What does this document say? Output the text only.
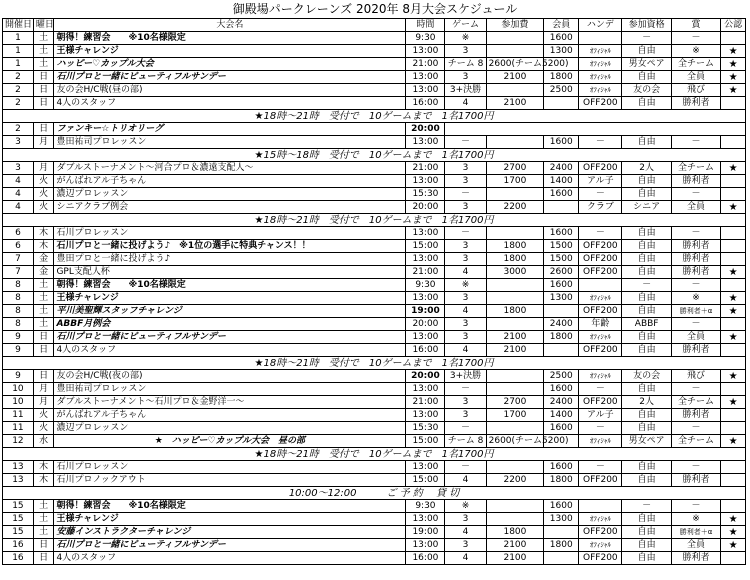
御殿場パークレーンズ 2020年 8月大会スケジュール
開催日	曜日	大会名	時間	ゲーム	参加費	会員	ハンデ	参加資格	賞	公認
1	土	朝得！練習会　　※10名様限定	9:30	※		1600		－	－	
1	土	王様チャレンジ	13:00	3		1300	ｵﾌｨｼｬﾙ	自由	※	★
1	土	ハッピー♡カップル大会	21:00	チーム 8	2600(チーム5200)		ｵﾌｨｼｬﾙ	男女ペア	全チーム	★
2	日	石川プロと一緒にビューティフルサンデー	13:00	3	2100	1800	ｵﾌｨｼｬﾙ	自由	全員	★
2	日	友の会H/C戦(昼の部)	13:00	3+決勝		2500	ｵﾌｨｼｬﾙ	友の会	飛び	★
2	日	4人のスタッフ	16:00	4	2100		OFF200	自由	勝利者	
★18時～21時　受付で　10ゲームまで　1名1700円										
2	日	ファンキー☆トリオリーグ	20:00							
3	月	豊田祐司プロレッスン	13:00	－		1600	－	自由	－	
★15時～18時　受付で　10ゲームまで　1名1700円										
3	月	ダブルストーナメント～河合プロ＆濃遠支配人～	21:00	3	2700	2400	OFF200	2人	全チーム	★
4	火	がんばれアル子ちゃん	13:00	3	1700	1400	アル子	自由	勝利者	
4	火	濃辺プロレッスン	15:30	－		1600	－	自由	－	
4	火	シニアクラブ例会	20:00	3	2200		クラブ	シニア	全員	★
★18時～21時　受付で　10ゲームまで　1名1700円										
6	木	石川プロレッスン	13:00	－		1600	－	自由	－	
6	木	石川プロと一緒に投げよう♪　※1位の選手に特典チャンス！！	15:00	3	1800	1500	OFF200	自由	勝利者	
7	金	豊田プロと一緒に投げよう♪	13:00	3	1800	1500	OFF200	自由	勝利者	
7	金	GPL支配人杯	21:00	4	3000	2600	OFF200	自由	勝利者	★
8	土	朝得！練習会　　※10名様限定	9:30	※		1600		－	－	
8	土	王様チャレンジ	13:00	3		1300	ｵﾌｨｼｬﾙ	自由	※	★
8	土	平川美聖輝スタッフチャレンジ	19:00	4	1800		OFF200	自由	勝利者＋α	★
8	土	ABBF月例会	20:00	3		2400	年齢	ABBF	－	
9	日	石川プロと一緒にビューティフルサンデー	13:00	3	2100	1800	ｵﾌｨｼｬﾙ	自由	全員	★
9	日	4人のスタッフ	16:00	4	2100		OFF200	自由	勝利者	
★18時～21時　受付で　10ゲームまで　1名1700円										
9	日	友の会H/C戦(夜の部)	20:00	3+決勝		2500	ｵﾌｨｼｬﾙ	友の会	飛び	★
10	月	豊田祐司プロレッスン	13:00	－		1600	－	自由	－	
10	月	ダブルストーナメント～石川プロ＆金野洋一～	21:00	3	2700	2400	OFF200	2人	全チーム	★
11	火	がんばれアル子ちゃん	13:00	3	1700	1400	アル子	自由	勝利者	
11	火	濃辺プロレッスン	15:30	－		1600	－	自由	－	
12	水	★　ハッピー♡カップル大会　昼の部	15:00	チーム 8	2600(チーム5200)		ｵﾌｨｼｬﾙ	男女ペア	全チーム	★
★18時～21時　受付で　10ゲームまで　1名1700円										
13	木	石川プロレッスン	13:00	－		1600	－	自由	－	
13	木	石川プロノックアウト	15:00	4	2200	1800	OFF200	自由	勝利者	
10:00～12:00　　　ご 予 約　 貸 切										
15	土	朝得！練習会　　※10名様限定	9:30	※		1600		－	－	
15	土	王様チャレンジ	13:00	3		1300	ｵﾌｨｼｬﾙ	自由	※	★
15	土	安藤インストラクターチャレンジ	19:00	4	1800		OFF200	自由	勝利者＋α	★
16	日	石川プロと一緒にビューティフルサンデー	13:00	3	2100	1800	ｵﾌｨｼｬﾙ	自由	全員	★
16	日	4人のスタッフ	16:00	4	2100		OFF200	自由	勝利者	
